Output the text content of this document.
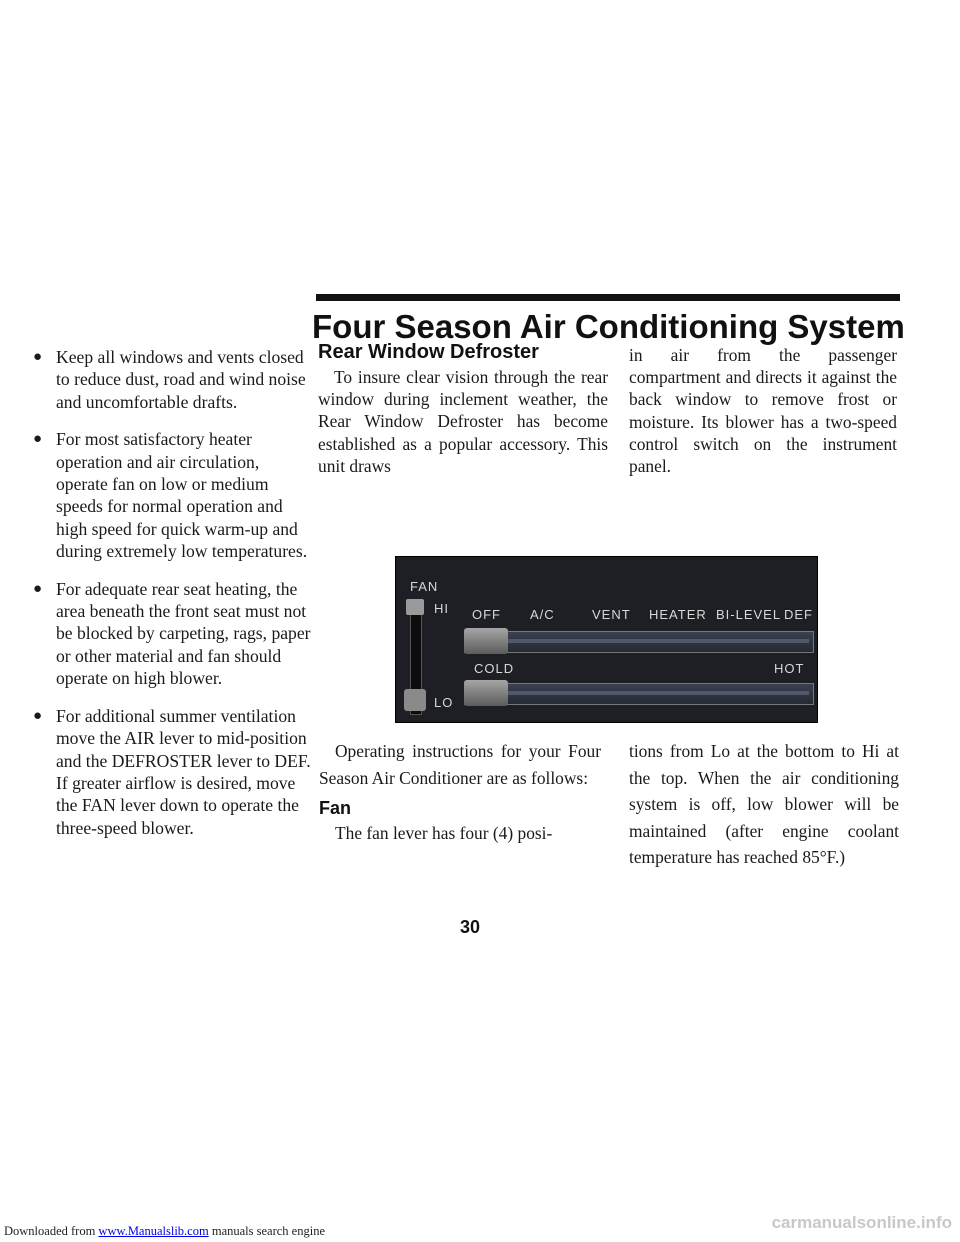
● Keep all windows and vents closed to reduce dust, road and wind noise and uncomfortable drafts.
● For most satisfactory heater operation and air circulation, operate fan on low or medium speeds for normal operation and high speed for quick warm-up and during extremely low temperatures.
● For adequate rear seat heating, the area beneath the front seat must not be blocked by carpeting, rags, paper or other material and fan should operate on high blower.
● For additional summer ventilation move the AIR lever to mid-position and the DEFROSTER lever to DEF. If greater airflow is desired, move the FAN lever down to operate the three-speed blower.
Rear Window Defroster

To insure clear vision through the rear window during inclement weather, the Rear Window Defroster has become established as a popular accessory. This unit draws

in air from the passenger compartment and directs it against the back window to remove frost or moisture. Its blower has a two-speed control switch on the instrument panel.

Four Season Air Conditioning System
FAN
HI
LO
OFF A/C	VENT HEATER BI-LEVEL DEF
COLD	HOT

Operating instructions for your Four Season Air Conditioner are as follows:

Fan

The fan lever has four (4) posi-

tions from Lo at the bottom to Hi at the top. When the air conditioning system is off, low blower will be maintained (after engine coolant temperature has reached 85°F.)

30
Downloaded from www.Manualslib.com manuals search engine	carmanualsonline.info
